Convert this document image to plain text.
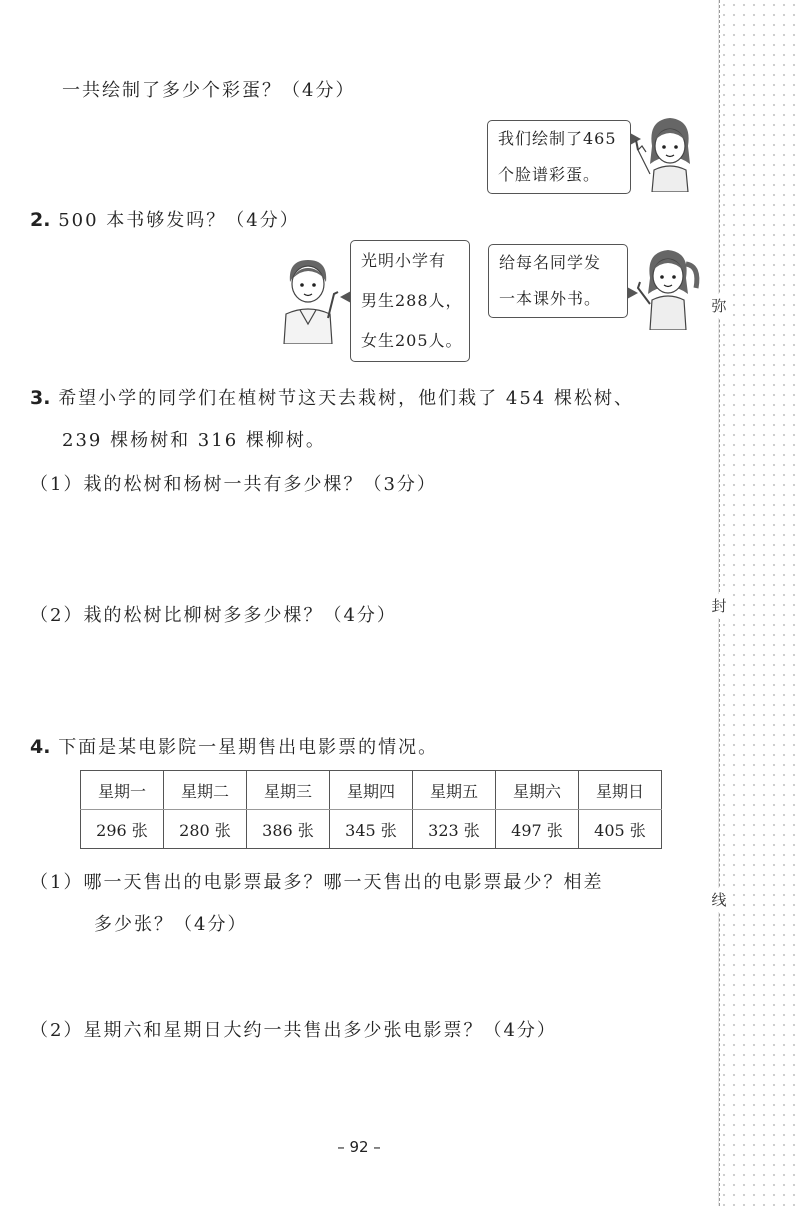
一共绘制了多少个彩蛋？（4分）
我们绘制了465
个脸谱彩蛋。
2. 500 本书够发吗？（4分）
光明小学有
男生288人，
女生205人。
给每名同学发
一本课外书。
3. 希望小学的同学们在植树节这天去栽树，他们栽了 454 棵松树、
239 棵杨树和 316 棵柳树。
（1）栽的松树和杨树一共有多少棵？（3分）
（2）栽的松树比柳树多多少棵？（4分）
4. 下面是某电影院一星期售出电影票的情况。
星期一	星期二	星期三	星期四	星期五	星期六	星期日
296 张	280 张	386 张	345 张	323 张	497 张	405 张
（1）哪一天售出的电影票最多？哪一天售出的电影票最少？相差
多少张？（4分）
（2）星期六和星期日大约一共售出多少张电影票？（4分）
– 92 –
弥
封
线
